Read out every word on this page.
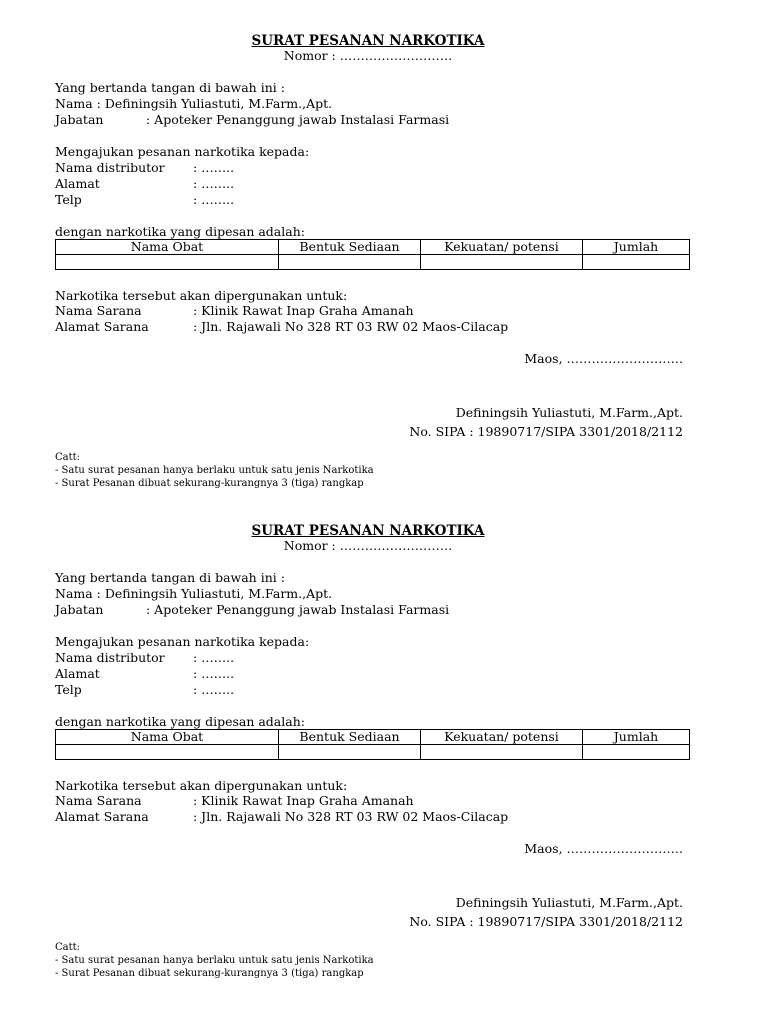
SURAT PESANAN NARKOTIKA
Nomor : ………………………
Yang bertanda tangan di bawah ini :
Nama : Definingsih Yuliastuti, M.Farm.,Apt.
Jabatan	: Apoteker Penanggung jawab Instalasi Farmasi
Mengajukan pesanan narkotika kepada:
Nama distributor : ……..
Alamat	: ……..
Telp	: ……..
dengan narkotika yang dipesan adalah:
Nama Obat	Bentuk Sediaan	Kekuatan/ potensi	Jumlah

Narkotika tersebut akan dipergunakan untuk:
Nama Sarana	: Klinik Rawat Inap Graha Amanah
Alamat Sarana	: Jln. Rajawali No 328 RT 03 RW 02 Maos-Cilacap
Maos, ……………………….
Definingsih Yuliastuti, M.Farm.,Apt.
No. SIPA : 19890717/SIPA 3301/2018/2112
Catt:
- Satu surat pesanan hanya berlaku untuk satu jenis Narkotika
- Surat Pesanan dibuat sekurang-kurangnya 3 (tiga) rangkap
SURAT PESANAN NARKOTIKA
Nomor : ………………………
Yang bertanda tangan di bawah ini :
Nama : Definingsih Yuliastuti, M.Farm.,Apt.
Jabatan	: Apoteker Penanggung jawab Instalasi Farmasi
Mengajukan pesanan narkotika kepada:
Nama distributor : ……..
Alamat	: ……..
Telp	: ……..
dengan narkotika yang dipesan adalah:
Nama Obat	Bentuk Sediaan	Kekuatan/ potensi	Jumlah

Narkotika tersebut akan dipergunakan untuk:
Nama Sarana	: Klinik Rawat Inap Graha Amanah
Alamat Sarana	: Jln. Rajawali No 328 RT 03 RW 02 Maos-Cilacap
Maos, ……………………….
Definingsih Yuliastuti, M.Farm.,Apt.
No. SIPA : 19890717/SIPA 3301/2018/2112
Catt:
- Satu surat pesanan hanya berlaku untuk satu jenis Narkotika
- Surat Pesanan dibuat sekurang-kurangnya 3 (tiga) rangkap
